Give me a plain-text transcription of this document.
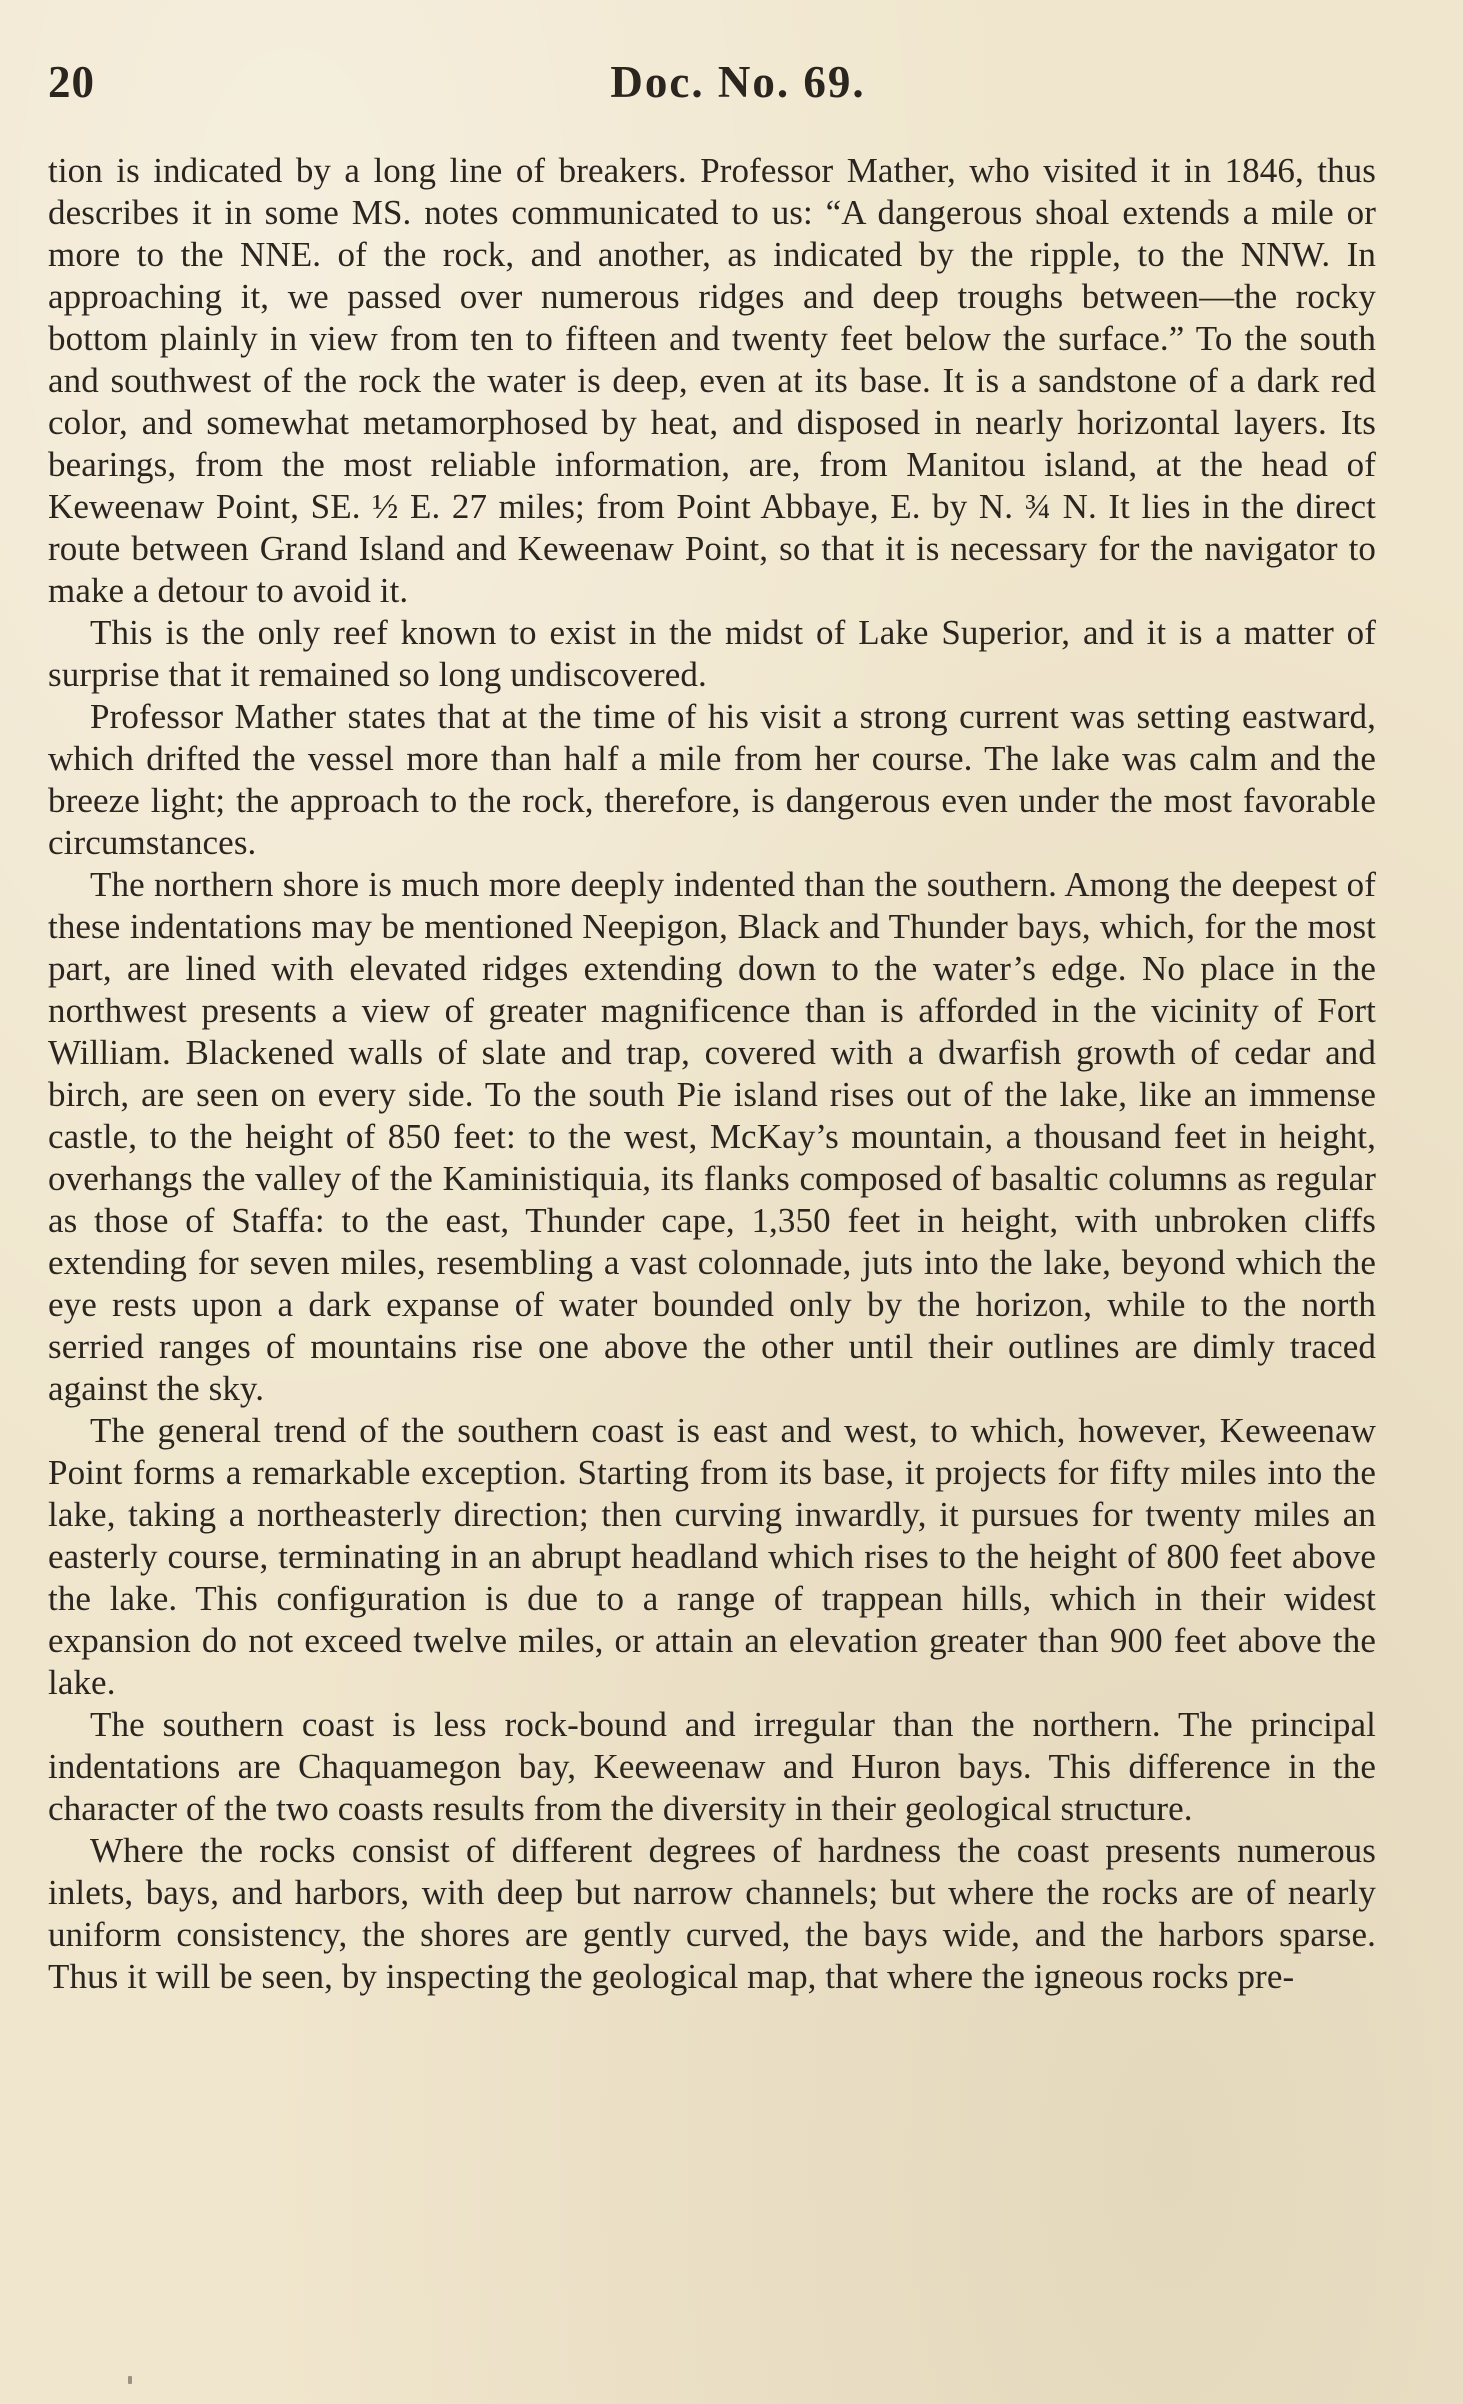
20	Doc. No. 69.

tion is indicated by a long line of breakers. Professor Mather, who visited it in 1846, thus describes it in some MS. notes communicated to us: “A dangerous shoal extends a mile or more to the NNE. of the rock, and another, as indicated by the ripple, to the NNW. In approaching it, we passed over numerous ridges and deep troughs between—the rocky bottom plainly in view from ten to fifteen and twenty feet below the surface.” To the south and southwest of the rock the water is deep, even at its base. It is a sandstone of a dark red color, and somewhat metamorphosed by heat, and disposed in nearly horizontal layers. Its bearings, from the most reliable information, are, from Manitou island, at the head of Keweenaw Point, SE. ½ E. 27 miles; from Point Abbaye, E. by N. ¾ N. It lies in the direct route between Grand Island and Keweenaw Point, so that it is necessary for the navigator to make a detour to avoid it.

This is the only reef known to exist in the midst of Lake Superior, and it is a matter of surprise that it remained so long undiscovered.

Professor Mather states that at the time of his visit a strong current was setting eastward, which drifted the vessel more than half a mile from her course. The lake was calm and the breeze light; the approach to the rock, therefore, is dangerous even under the most favorable circumstances.

The northern shore is much more deeply indented than the southern. Among the deepest of these indentations may be mentioned Neepigon, Black and Thunder bays, which, for the most part, are lined with elevated ridges extending down to the water’s edge. No place in the northwest presents a view of greater magnificence than is afforded in the vicinity of Fort William. Blackened walls of slate and trap, covered with a dwarfish growth of cedar and birch, are seen on every side. To the south Pie island rises out of the lake, like an immense castle, to the height of 850 feet: to the west, McKay’s mountain, a thousand feet in height, overhangs the valley of the Kaministiquia, its flanks composed of basaltic columns as regular as those of Staffa: to the east, Thunder cape, 1,350 feet in height, with unbroken cliffs extending for seven miles, resembling a vast colonnade, juts into the lake, beyond which the eye rests upon a dark expanse of water bounded only by the horizon, while to the north serried ranges of mountains rise one above the other until their outlines are dimly traced against the sky.

The general trend of the southern coast is east and west, to which, however, Keweenaw Point forms a remarkable exception. Starting from its base, it projects for fifty miles into the lake, taking a northeasterly direction; then curving inwardly, it pursues for twenty miles an easterly course, terminating in an abrupt headland which rises to the height of 800 feet above the lake. This configuration is due to a range of trappean hills, which in their widest expansion do not exceed twelve miles, or attain an elevation greater than 900 feet above the lake.

The southern coast is less rock-bound and irregular than the northern. The principal indentations are Chaquamegon bay, Keeweenaw and Huron bays. This difference in the character of the two coasts results from the diversity in their geological structure.

Where the rocks consist of different degrees of hardness the coast presents numerous inlets, bays, and harbors, with deep but narrow channels; but where the rocks are of nearly uniform consistency, the shores are gently curved, the bays wide, and the harbors sparse. Thus it will be seen, by inspecting the geological map, that where the igneous rocks pre-
